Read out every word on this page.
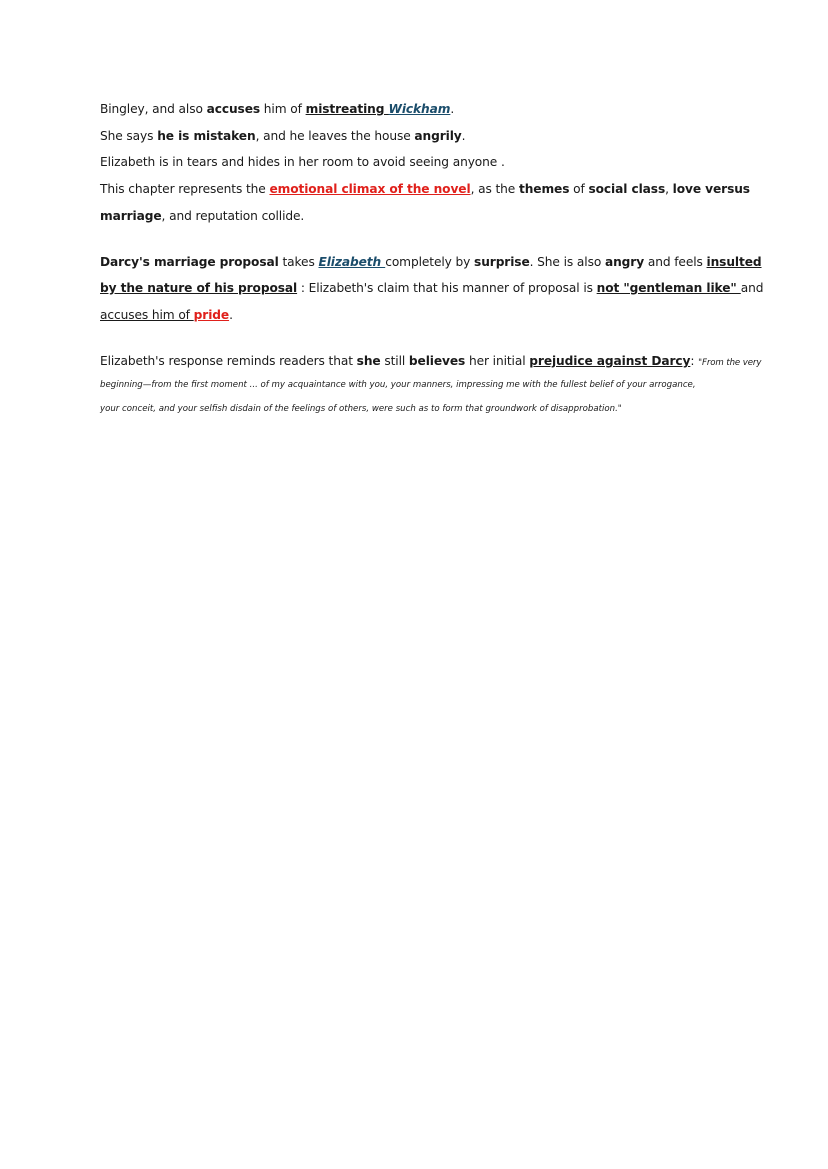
Bingley, and also accuses him of mistreating Wickham.
She says he is mistaken, and he leaves the house angrily.
Elizabeth is in tears and hides in her room to avoid seeing anyone .
This chapter represents the emotional climax of the novel, as the themes of social class, love versus
marriage, and reputation collide.
Darcy's marriage proposal takes Elizabeth completely by surprise. She is also angry and feels insulted
by the nature of his proposal : Elizabeth's claim that his manner of proposal is not "gentleman like" and
accuses him of pride.
Elizabeth's response reminds readers that she still believes her initial prejudice against Darcy: "From the very
beginning—from the first moment ... of my acquaintance with you, your manners, impressing me with the fullest belief of your arrogance,
your conceit, and your selfish disdain of the feelings of others, were such as to form that groundwork of disapprobation."
